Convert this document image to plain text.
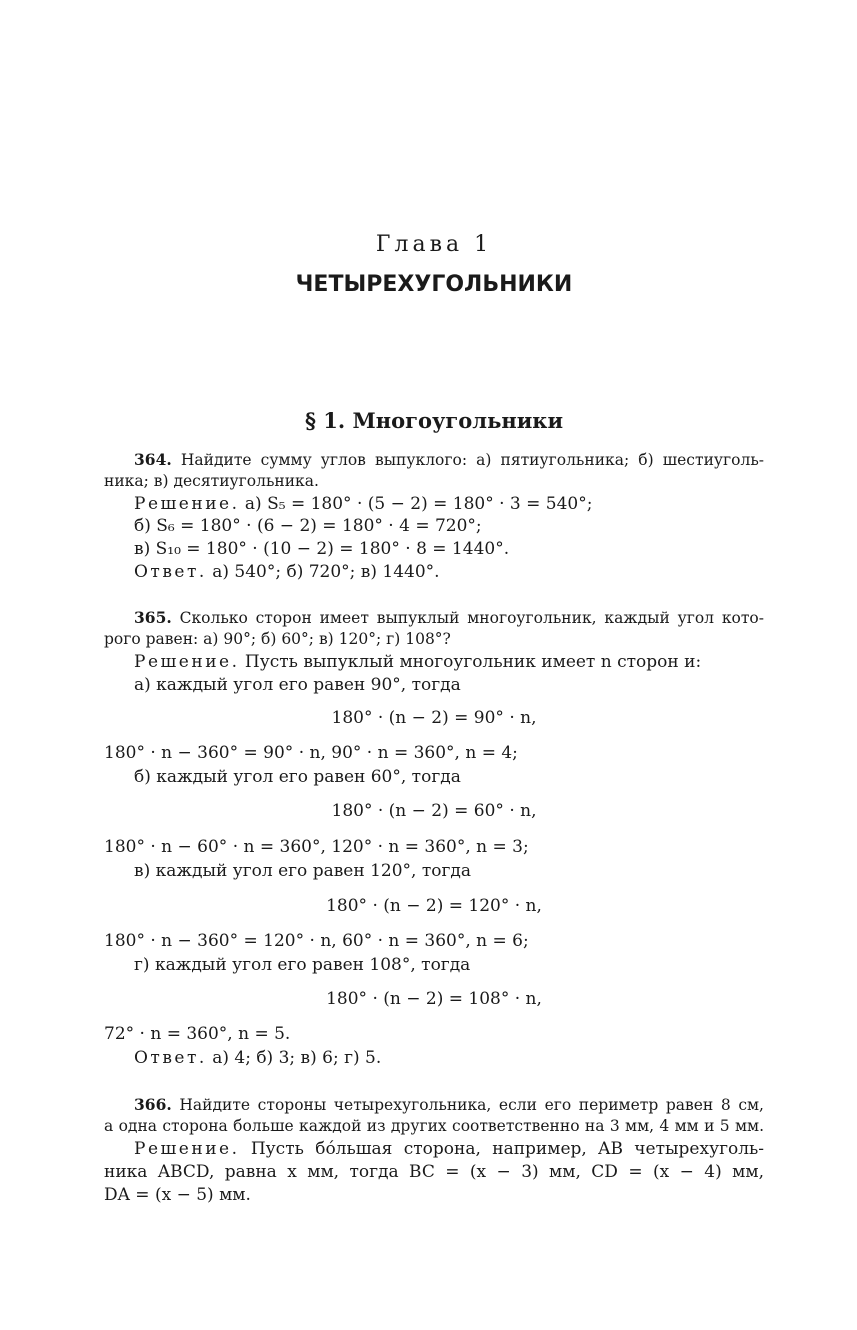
Глава 1
ЧЕТЫРЕХУГОЛЬНИКИ
§ 1. Многоугольники
364. Найдите сумму углов выпуклого: а) пятиугольника; б) шестиуголь-
ника; в) десятиугольника.
Решение. а) S₅ = 180° · (5 − 2) = 180° · 3 = 540°;
б) S₆ = 180° · (6 − 2) = 180° · 4 = 720°;
в) S₁₀ = 180° · (10 − 2) = 180° · 8 = 1440°.
Ответ. а) 540°; б) 720°; в) 1440°.
365. Сколько сторон имеет выпуклый многоугольник, каждый угол кото-
рого равен: а) 90°; б) 60°; в) 120°; г) 108°?
Решение. Пусть выпуклый многоугольник имеет n сторон и:
а) каждый угол его равен 90°, тогда
180° · (n − 2) = 90° · n,
180° · n − 360° = 90° · n, 90° · n = 360°, n = 4;
б) каждый угол его равен 60°, тогда
180° · (n − 2) = 60° · n,
180° · n − 60° · n = 360°, 120° · n = 360°, n = 3;
в) каждый угол его равен 120°, тогда
180° · (n − 2) = 120° · n,
180° · n − 360° = 120° · n, 60° · n = 360°, n = 6;
г) каждый угол его равен 108°, тогда
180° · (n − 2) = 108° · n,
72° · n = 360°, n = 5.
Ответ. а) 4; б) 3; в) 6; г) 5.
366. Найдите стороны четырехугольника, если его периметр равен 8 см,
а одна сторона больше каждой из других соответственно на 3 мм, 4 мм и 5 мм.
Решение. Пусть бóльшая сторона, например, AB четырехуголь-
ника ABCD, равна x мм, тогда BC = (x − 3) мм, CD = (x − 4) мм,
DA = (x − 5) мм.
